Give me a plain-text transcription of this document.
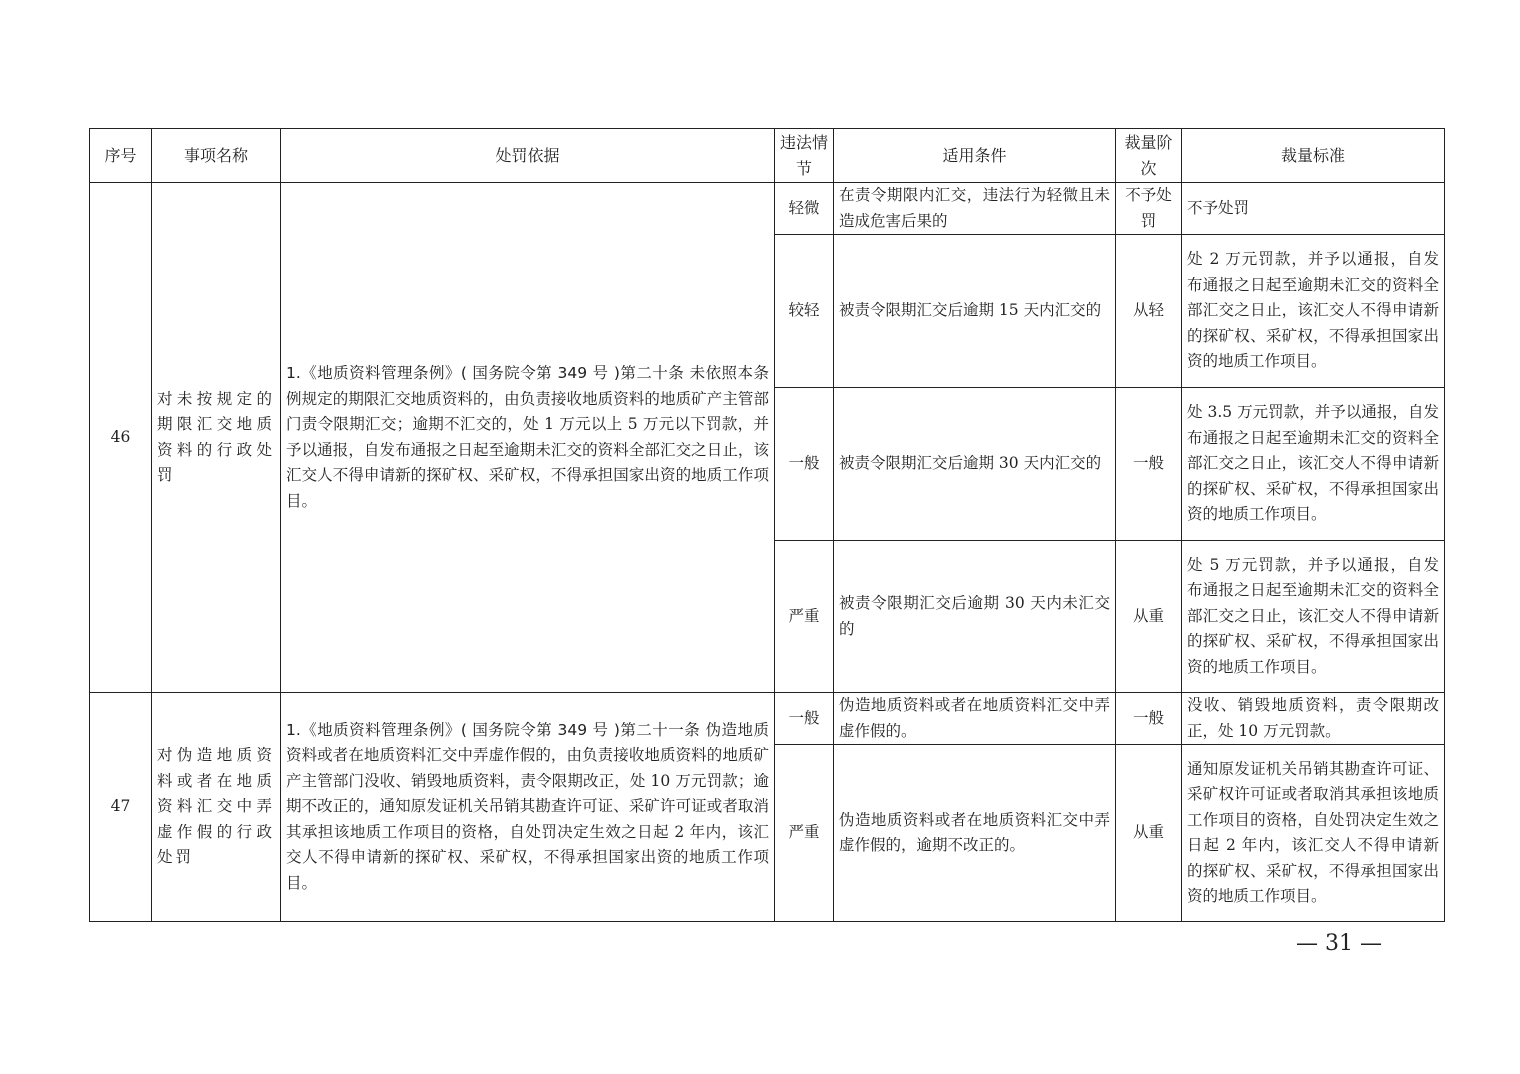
序号	事项名称	处罚依据	违法情节	适用条件	裁量阶次	裁量标准
46	对未按规定的期限汇交地质资料的行政处罚	1.《地质资料管理条例》( 国务院令第 349 号 )第二十条 未依照本条例规定的期限汇交地质资料的，由负责接收地质资料的地质矿产主管部门责令限期汇交；逾期不汇交的，处 1 万元以上 5 万元以下罚款，并予以通报，自发布通报之日起至逾期未汇交的资料全部汇交之日止，该汇交人不得申请新的探矿权、采矿权，不得承担国家出资的地质工作项目。	轻微	在责令期限内汇交，违法行为轻微且未造成危害后果的	不予处罚	不予处罚
			较轻	被责令限期汇交后逾期 15 天内汇交的	从轻	处 2 万元罚款，并予以通报，自发布通报之日起至逾期未汇交的资料全部汇交之日止，该汇交人不得申请新的探矿权、采矿权，不得承担国家出资的地质工作项目。
			一般	被责令限期汇交后逾期 30 天内汇交的	一般	处 3.5 万元罚款，并予以通报，自发布通报之日起至逾期未汇交的资料全部汇交之日止，该汇交人不得申请新的探矿权、采矿权，不得承担国家出资的地质工作项目。
			严重	被责令限期汇交后逾期 30 天内未汇交的	从重	处 5 万元罚款，并予以通报，自发布通报之日起至逾期未汇交的资料全部汇交之日止，该汇交人不得申请新的探矿权、采矿权，不得承担国家出资的地质工作项目。
47	对伪造地质资料或者在地质资料汇交中弄虚作假的行政处罚	1.《地质资料管理条例》( 国务院令第 349 号 )第二十一条 伪造地质资料或者在地质资料汇交中弄虚作假的，由负责接收地质资料的地质矿产主管部门没收、销毁地质资料，责令限期改正，处 10 万元罚款；逾期不改正的，通知原发证机关吊销其勘查许可证、采矿许可证或者取消其承担该地质工作项目的资格，自处罚决定生效之日起 2 年内，该汇交人不得申请新的探矿权、采矿权，不得承担国家出资的地质工作项目。	一般	伪造地质资料或者在地质资料汇交中弄虚作假的。	一般	没收、销毁地质资料，责令限期改正，处 10 万元罚款。
			严重	伪造地质资料或者在地质资料汇交中弄虚作假的，逾期不改正的。	从重	通知原发证机关吊销其勘查许可证、采矿权许可证或者取消其承担该地质工作项目的资格，自处罚决定生效之日起 2 年内，该汇交人不得申请新的探矿权、采矿权，不得承担国家出资的地质工作项目。
— 31 —
